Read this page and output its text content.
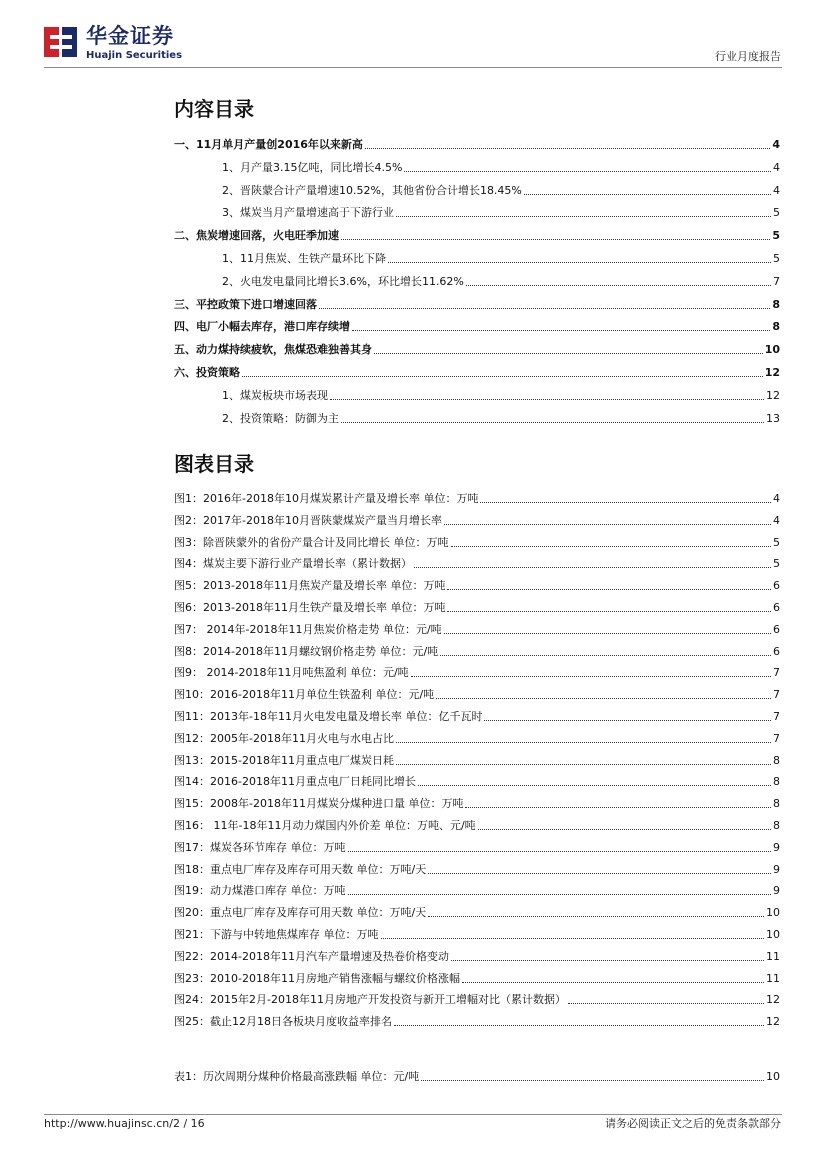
华金证券
Huajin Securities	行业月度报告
内容目录
一、11月单月产量创2016年以来新高	4
1、月产量3.15亿吨，同比增长4.5%	4
2、晋陕蒙合计产量增速10.52%，其他省份合计增长18.45%	4
3、煤炭当月产量增速高于下游行业	5
二、焦炭增速回落，火电旺季加速	5
1、11月焦炭、生铁产量环比下降	5
2、火电发电量同比增长3.6%，环比增长11.62%	7
三、平控政策下进口增速回落	8
四、电厂小幅去库存，港口库存续增	8
五、动力煤持续疲软，焦煤恐难独善其身	10
六、投资策略	12
1、煤炭板块市场表现	12
2、投资策略：防御为主	13
图表目录
图1：2016年-2018年10月煤炭累计产量及增长率 单位：万吨	4
图2：2017年-2018年10月晋陕蒙煤炭产量当月增长率	4
图3：除晋陕蒙外的省份产量合计及同比增长 单位：万吨	5
图4：煤炭主要下游行业产量增长率（累计数据）	5
图5：2013-2018年11月焦炭产量及增长率 单位：万吨	6
图6：2013-2018年11月生铁产量及增长率 单位：万吨	6
图7： 2014年-2018年11月焦炭价格走势 单位：元/吨	6
图8：2014-2018年11月螺纹钢价格走势 单位：元/吨	6
图9： 2014-2018年11月吨焦盈利 单位：元/吨	7
图10：2016-2018年11月单位生铁盈利 单位：元/吨	7
图11：2013年-18年11月火电发电量及增长率 单位：亿千瓦时	7
图12：2005年-2018年11月火电与水电占比	7
图13：2015-2018年11月重点电厂煤炭日耗	8
图14：2016-2018年11月重点电厂日耗同比增长	8
图15：2008年-2018年11月煤炭分煤种进口量 单位：万吨	8
图16： 11年-18年11月动力煤国内外价差 单位：万吨、元/吨	8
图17：煤炭各环节库存 单位：万吨	9
图18：重点电厂库存及库存可用天数 单位：万吨/天	9
图19：动力煤港口库存 单位：万吨	9
图20：重点电厂库存及库存可用天数 单位：万吨/天	10
图21：下游与中转地焦煤库存 单位：万吨	10
图22：2014-2018年11月汽车产量增速及热卷价格变动	11
图23：2010-2018年11月房地产销售涨幅与螺纹价格涨幅	11
图24：2015年2月-2018年11月房地产开发投资与新开工增幅对比（累计数据）	12
图25：截止12月18日各板块月度收益率排名	12
表1：历次周期分煤种价格最高涨跌幅 单位：元/吨	10
http://www.huajinsc.cn/2 / 16	请务必阅读正文之后的免责条款部分
